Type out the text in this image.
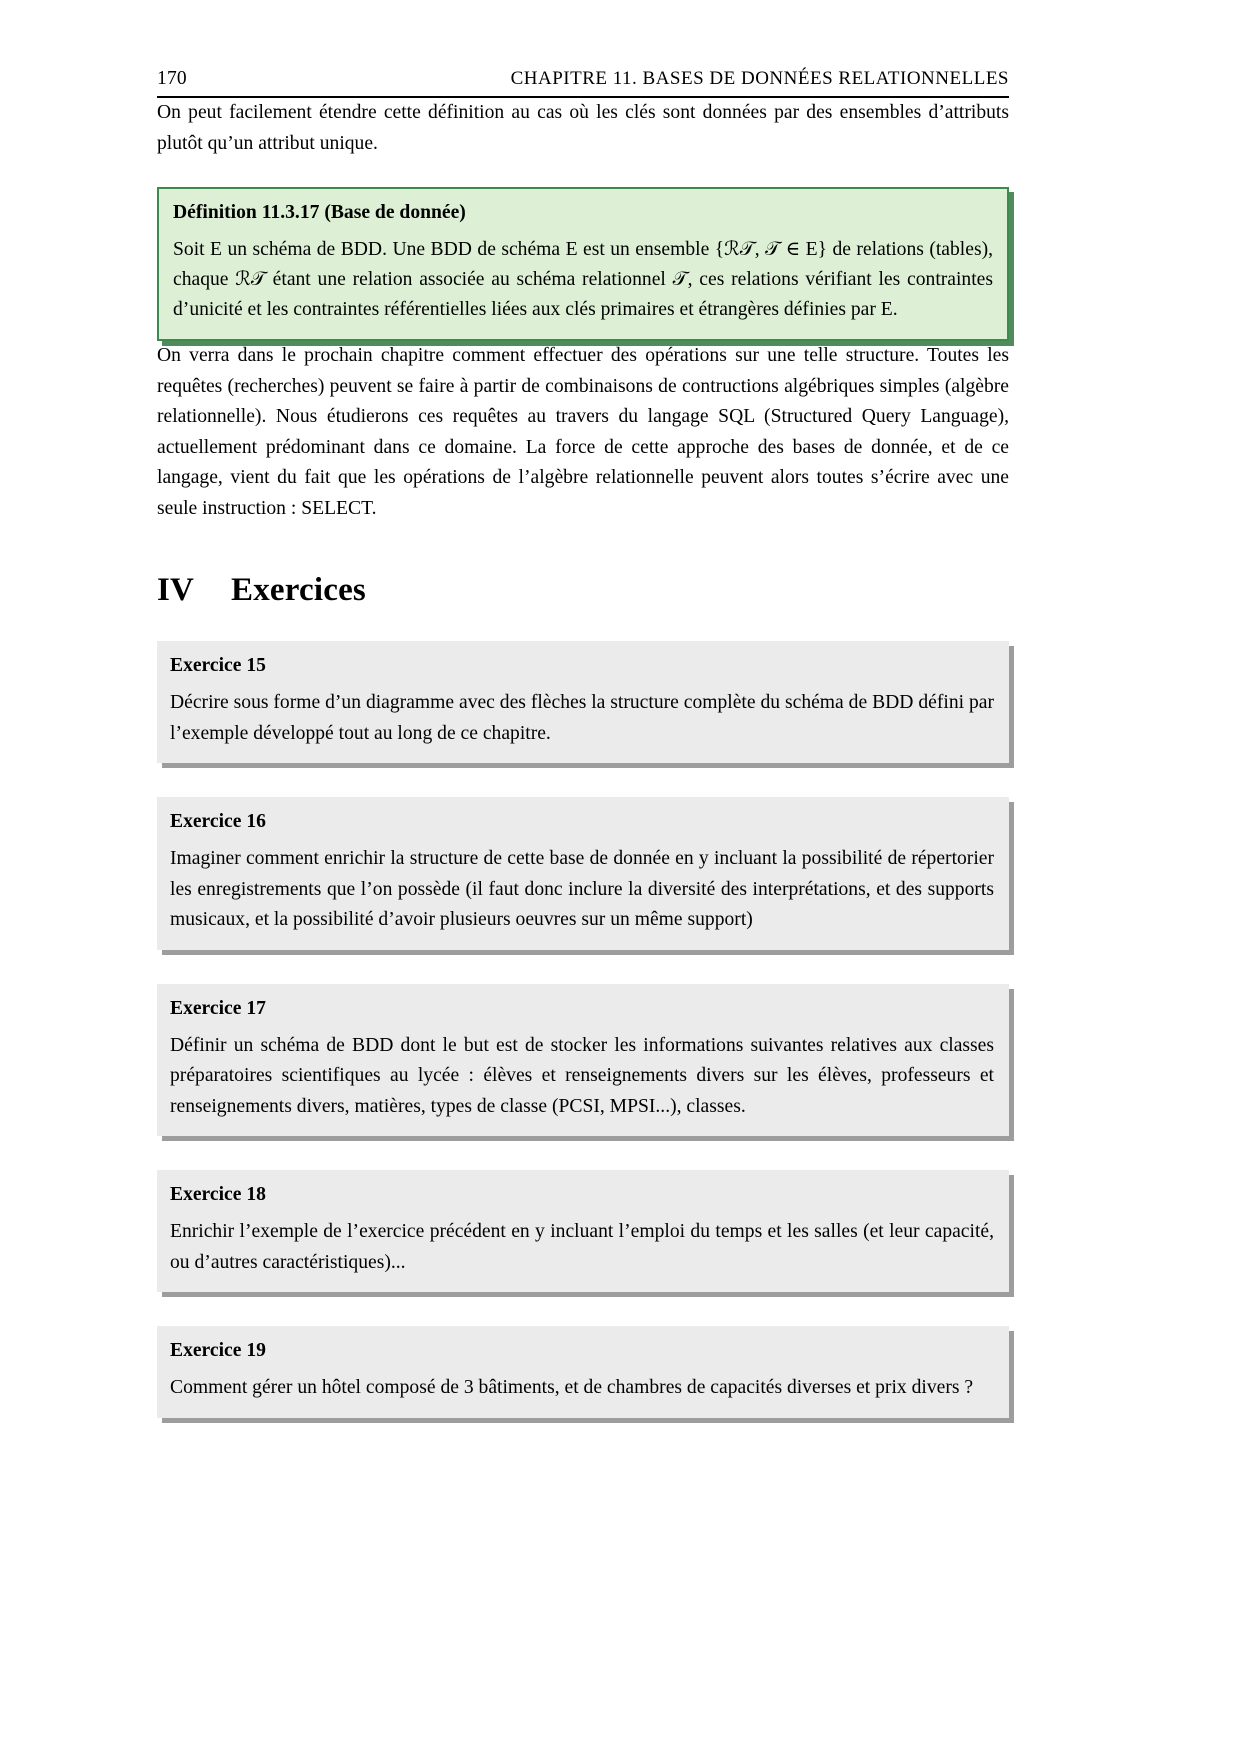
170	CHAPITRE 11. BASES DE DONNÉES RELATIONNELLES

On peut facilement étendre cette définition au cas où les clés sont données par des ensembles d’attributs plutôt qu’un attribut unique.

Définition 11.3.17 (Base de donnée)

Soit E un schéma de BDD. Une BDD de schéma E est un ensemble {ℛ𝒯, 𝒯 ∈ E} de relations (tables), chaque ℛ𝒯 étant une relation associée au schéma relationnel 𝒯, ces relations vérifiant les contraintes d’unicité et les contraintes référentielles liées aux clés primaires et étrangères définies par E.

On verra dans le prochain chapitre comment effectuer des opérations sur une telle structure. Toutes les requêtes (recherches) peuvent se faire à partir de combinaisons de contructions algébriques simples (algèbre relationnelle). Nous étudierons ces requêtes au travers du langage SQL (Structured Query Language), actuellement prédominant dans ce domaine. La force de cette approche des bases de donnée, et de ce langage, vient du fait que les opérations de l’algèbre relationnelle peuvent alors toutes s’écrire avec une seule instruction : SELECT.

IV Exercices

Exercice 15

Décrire sous forme d’un diagramme avec des flèches la structure complète du schéma de BDD défini par l’exemple développé tout au long de ce chapitre.

Exercice 16

Imaginer comment enrichir la structure de cette base de donnée en y incluant la possibilité de répertorier les enregistrements que l’on possède (il faut donc inclure la diversité des interprétations, et des supports musicaux, et la possibilité d’avoir plusieurs oeuvres sur un même support)

Exercice 17

Définir un schéma de BDD dont le but est de stocker les informations suivantes relatives aux classes préparatoires scientifiques au lycée : élèves et renseignements divers sur les élèves, professeurs et renseignements divers, matières, types de classe (PCSI, MPSI...), classes.

Exercice 18

Enrichir l’exemple de l’exercice précédent en y incluant l’emploi du temps et les salles (et leur capacité, ou d’autres caractéristiques)...

Exercice 19

Comment gérer un hôtel composé de 3 bâtiments, et de chambres de capacités diverses et prix divers ?
